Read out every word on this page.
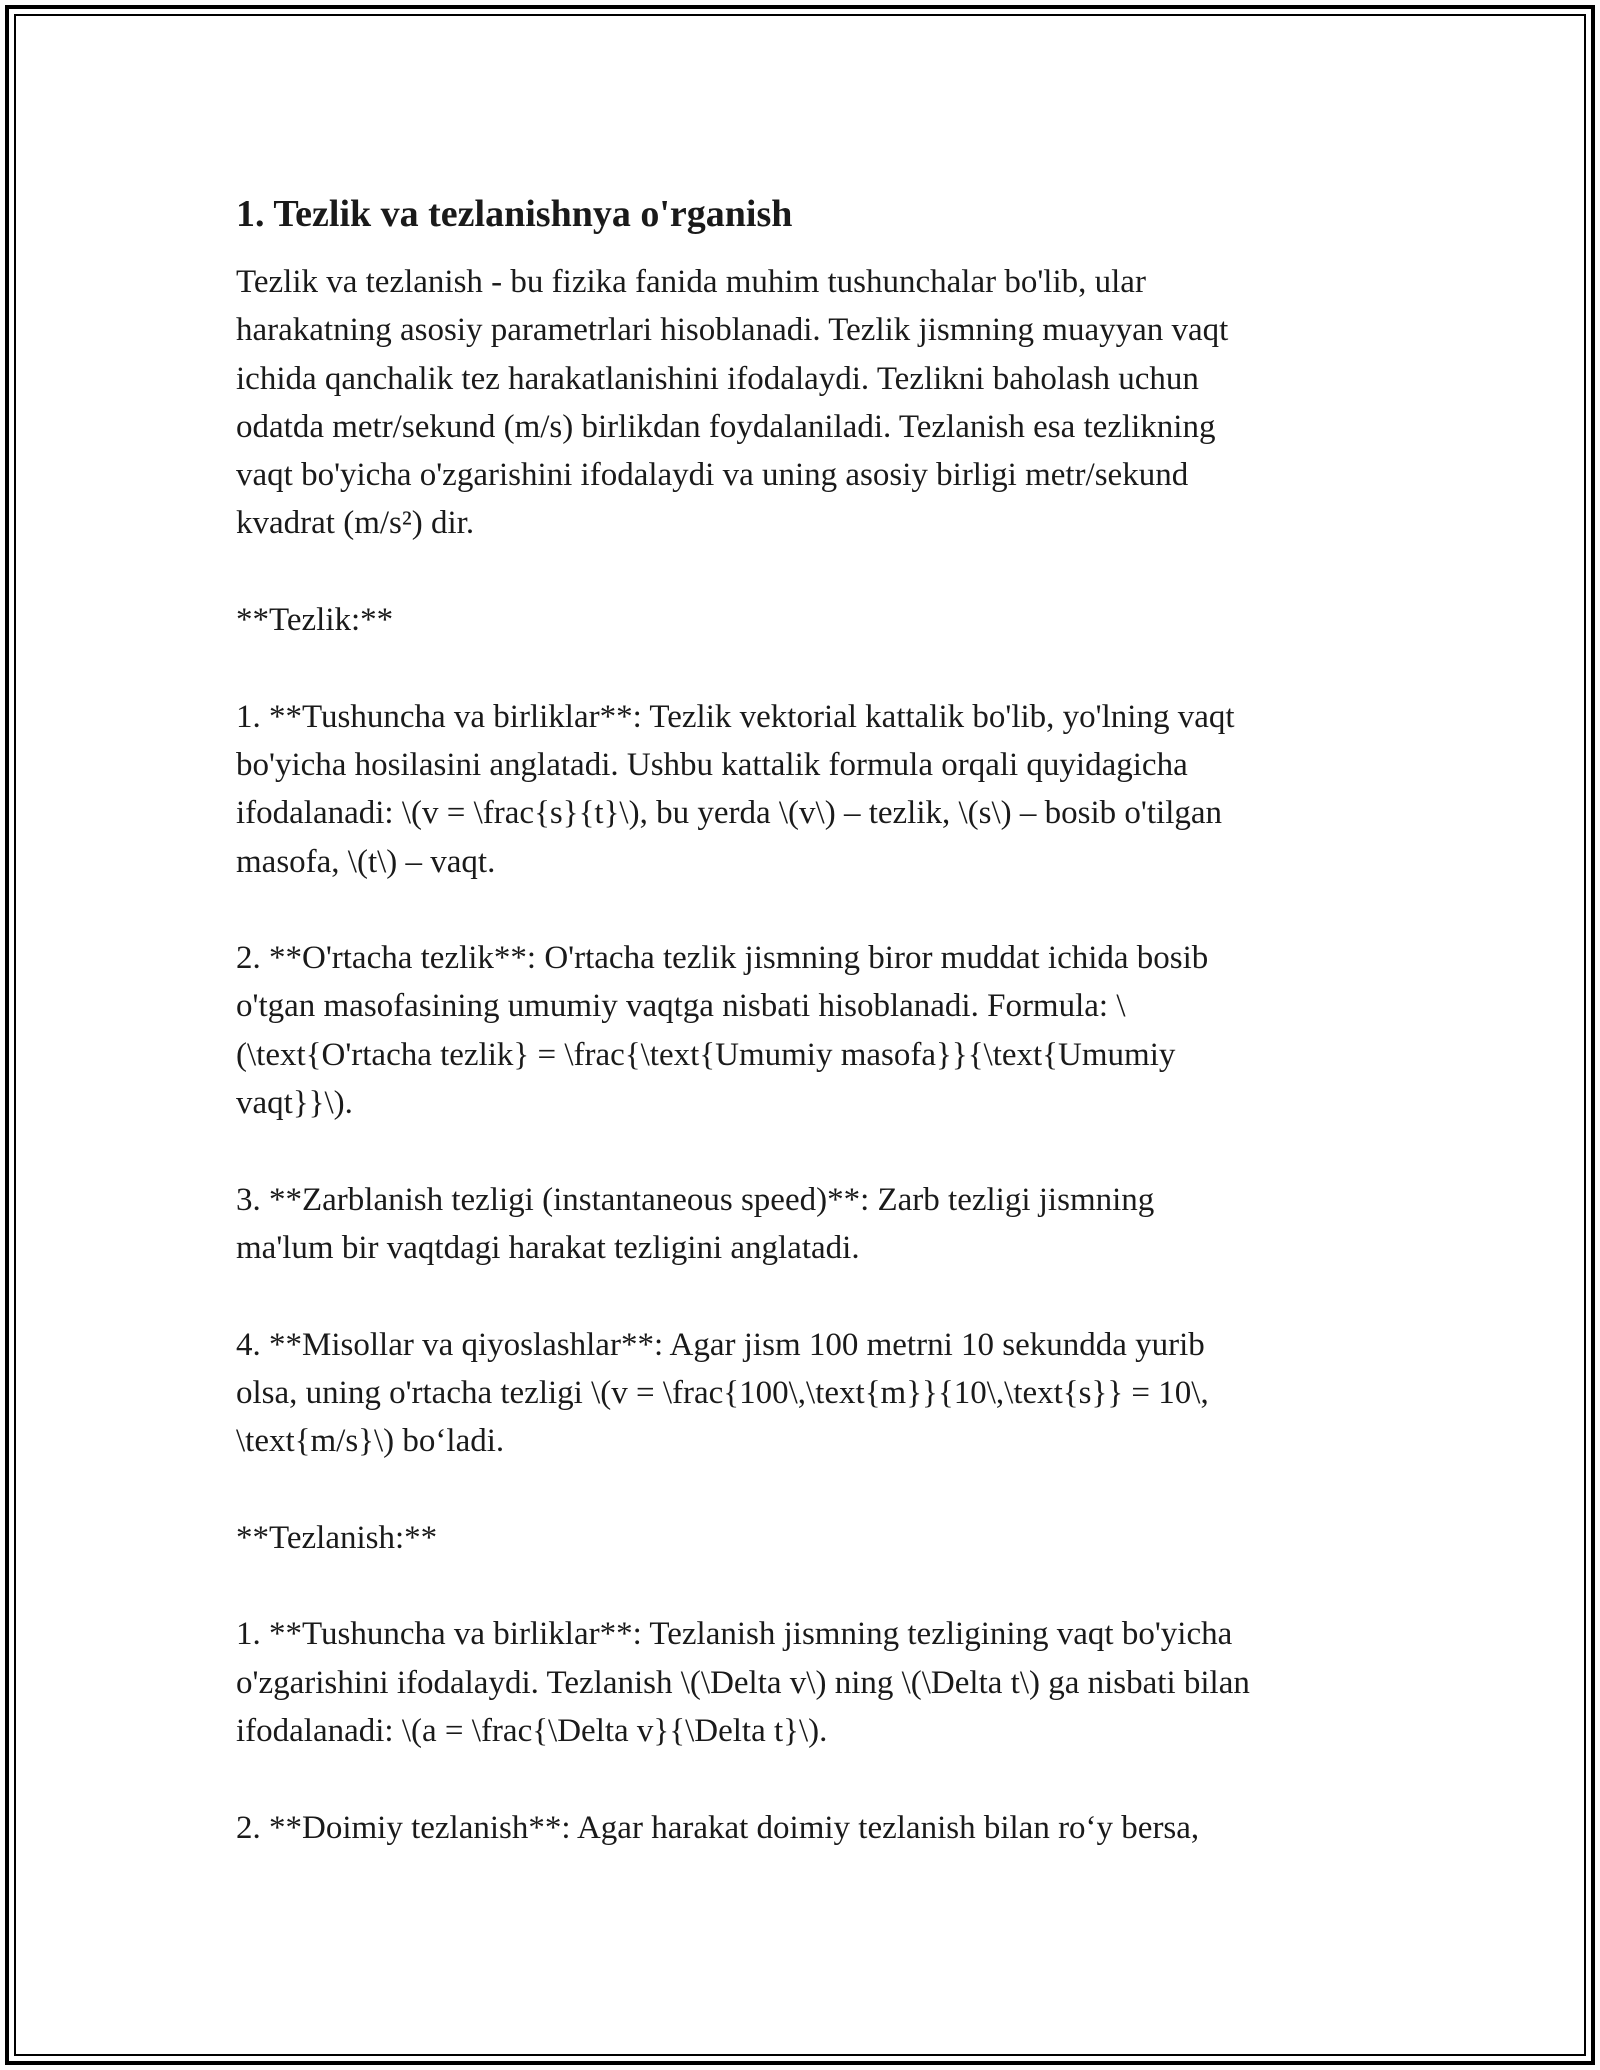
1. Tezlik va tezlanishnya o'rganish

Tezlik va tezlanish - bu fizika fanida muhim tushunchalar bo'lib, ular
harakatning asosiy parametrlari hisoblanadi. Tezlik jismning muayyan vaqt
ichida qanchalik tez harakatlanishini ifodalaydi. Tezlikni baholash uchun
odatda metr/sekund (m/s) birlikdan foydalaniladi. Tezlanish esa tezlikning
vaqt bo'yicha o'zgarishini ifodalaydi va uning asosiy birligi metr/sekund
kvadrat (m/s²) dir.

**Tezlik:**

1. **Tushuncha va birliklar**: Tezlik vektorial kattalik bo'lib, yo'lning vaqt
bo'yicha hosilasini anglatadi. Ushbu kattalik formula orqali quyidagicha
ifodalanadi: \(v = \frac{s}{t}\), bu yerda \(v\) – tezlik, \(s\) – bosib o'tilgan
masofa, \(t\) – vaqt.

2. **O'rtacha tezlik**: O'rtacha tezlik jismning biror muddat ichida bosib
o'tgan masofasining umumiy vaqtga nisbati hisoblanadi. Formula: \
(\text{O'rtacha tezlik} = \frac{\text{Umumiy masofa}}{\text{Umumiy
vaqt}}\).

3. **Zarblanish tezligi (instantaneous speed)**: Zarb tezligi jismning
ma'lum bir vaqtdagi harakat tezligini anglatadi.

4. **Misollar va qiyoslashlar**: Agar jism 100 metrni 10 sekundda yurib
olsa, uning o'rtacha tezligi \(v = \frac{100\,\text{m}}{10\,\text{s}} = 10\,
\text{m/s}\) bo‘ladi.

**Tezlanish:**

1. **Tushuncha va birliklar**: Tezlanish jismning tezligining vaqt bo'yicha
o'zgarishini ifodalaydi. Tezlanish \(\Delta v\) ning \(\Delta t\) ga nisbati bilan
ifodalanadi: \(a = \frac{\Delta v}{\Delta t}\).

2. **Doimiy tezlanish**: Agar harakat doimiy tezlanish bilan ro‘y bersa,
